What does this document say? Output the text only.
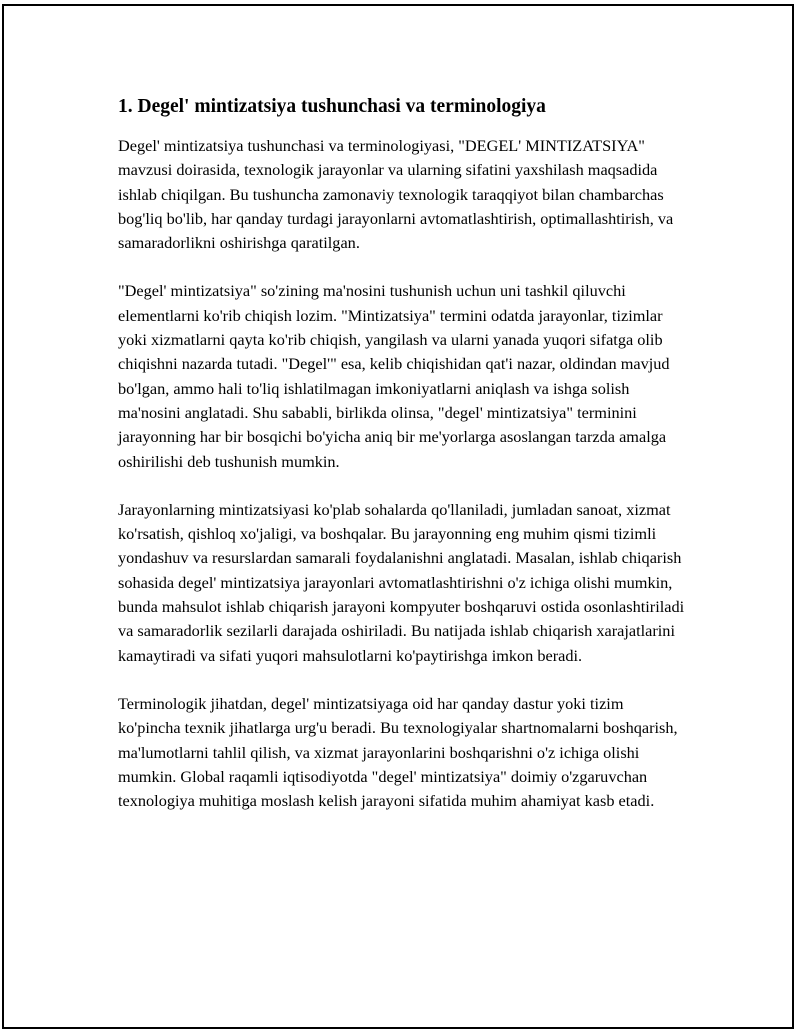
1. Degel' mintizatsiya tushunchasi va terminologiya

Degel' mintizatsiya tushunchasi va terminologiyasi, "DEGEL' MINTIZATSIYA" mavzusi doirasida, texnologik jarayonlar va ularning sifatini yaxshilash maqsadida ishlab chiqilgan. Bu tushuncha zamonaviy texnologik taraqqiyot bilan chambarchas bog'liq bo'lib, har qanday turdagi jarayonlarni avtomatlashtirish, optimallashtirish, va samaradorlikni oshirishga qaratilgan.

"Degel' mintizatsiya" so'zining ma'nosini tushunish uchun uni tashkil qiluvchi elementlarni ko'rib chiqish lozim. "Mintizatsiya" termini odatda jarayonlar, tizimlar yoki xizmatlarni qayta ko'rib chiqish, yangilash va ularni yanada yuqori sifatga olib chiqishni nazarda tutadi. "Degel'" esa, kelib chiqishidan qat'i nazar, oldindan mavjud bo'lgan, ammo hali to'liq ishlatilmagan imkoniyatlarni aniqlash va ishga solish ma'nosini anglatadi. Shu sababli, birlikda olinsa, "degel' mintizatsiya" terminini jarayonning har bir bosqichi bo'yicha aniq bir me'yorlarga asoslangan tarzda amalga oshirilishi deb tushunish mumkin.

Jarayonlarning mintizatsiyasi ko'plab sohalarda qo'llaniladi, jumladan sanoat, xizmat ko'rsatish, qishloq xo'jaligi, va boshqalar. Bu jarayonning eng muhim qismi tizimli yondashuv va resurslardan samarali foydalanishni anglatadi. Masalan, ishlab chiqarish sohasida degel' mintizatsiya jarayonlari avtomatlashtirishni o'z ichiga olishi mumkin, bunda mahsulot ishlab chiqarish jarayoni kompyuter boshqaruvi ostida osonlashtiriladi va samaradorlik sezilarli darajada oshiriladi. Bu natijada ishlab chiqarish xarajatlarini kamaytiradi va sifati yuqori mahsulotlarni ko'paytirishga imkon beradi.

Terminologik jihatdan, degel' mintizatsiyaga oid har qanday dastur yoki tizim ko'pincha texnik jihatlarga urg'u beradi. Bu texnologiyalar shartnomalarni boshqarish, ma'lumotlarni tahlil qilish, va xizmat jarayonlarini boshqarishni o'z ichiga olishi mumkin. Global raqamli iqtisodiyotda "degel' mintizatsiya" doimiy o'zgaruvchan texnologiya muhitiga moslash kelish jarayoni sifatida muhim ahamiyat kasb etadi.
